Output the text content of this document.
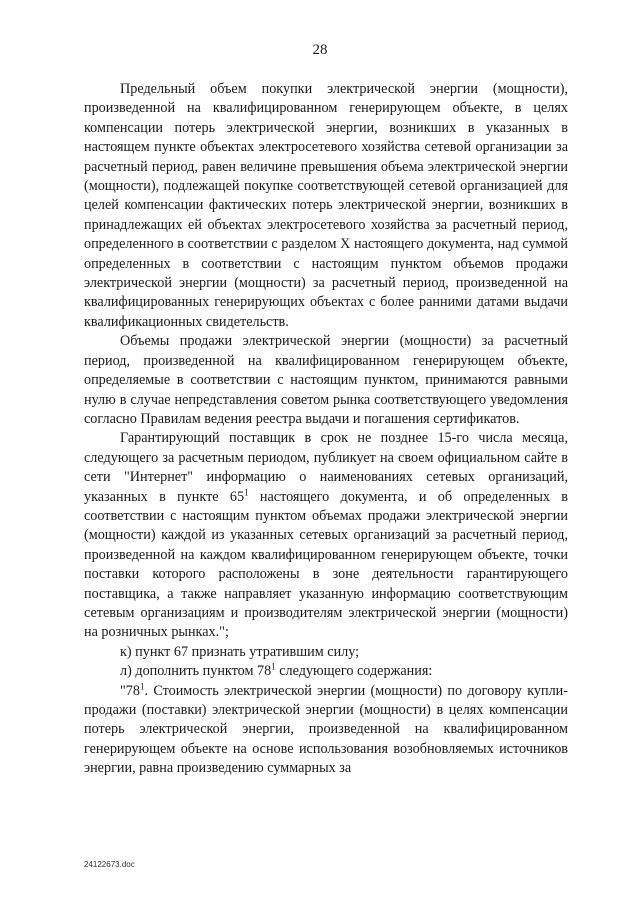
28

Предельный объем покупки электрической энергии (мощности), произведенной на квалифицированном генерирующем объекте, в целях компенсации потерь электрической энергии, возникших в указанных в настоящем пункте объектах электросетевого хозяйства сетевой организации за расчетный период, равен величине превышения объема электрической энергии (мощности), подлежащей покупке соответствующей сетевой организацией для целей компенсации фактических потерь электрической энергии, возникших в принадлежащих ей объектах электросетевого хозяйства за расчетный период, определенного в соответствии с разделом X настоящего документа, над суммой определенных в соответствии с настоящим пунктом объемов продажи электрической энергии (мощности) за расчетный период, произведенной на квалифицированных генерирующих объектах с более ранними датами выдачи квалификационных свидетельств.

Объемы продажи электрической энергии (мощности) за расчетный период, произведенной на квалифицированном генерирующем объекте, определяемые в соответствии с настоящим пунктом, принимаются равными нулю в случае непредставления советом рынка соответствующего уведомления согласно Правилам ведения реестра выдачи и погашения сертификатов.

Гарантирующий поставщик в срок не позднее 15-го числа месяца, следующего за расчетным периодом, публикует на своем официальном сайте в сети "Интернет" информацию о наименованиях сетевых организаций, указанных в пункте $65^1$ настоящего документа, и об определенных в соответствии с настоящим пунктом объемах продажи электрической энергии (мощности) каждой из указанных сетевых организаций за расчетный период, произведенной на каждом квалифицированном генерирующем объекте, точки поставки которого расположены в зоне деятельности гарантирующего поставщика, а также направляет указанную информацию соответствующим сетевым организациям и производителям электрической энергии (мощности) на розничных рынках.";

к) пункт 67 признать утратившим силу;

л) дополнить пунктом $78^1$ следующего содержания:

"$78^1$. Стоимость электрической энергии (мощности) по договору купли-продажи (поставки) электрической энергии (мощности) в целях компенсации потерь электрической энергии, произведенной на квалифицированном генерирующем объекте на основе использования возобновляемых источников энергии, равна произведению суммарных за

24122673.doc
